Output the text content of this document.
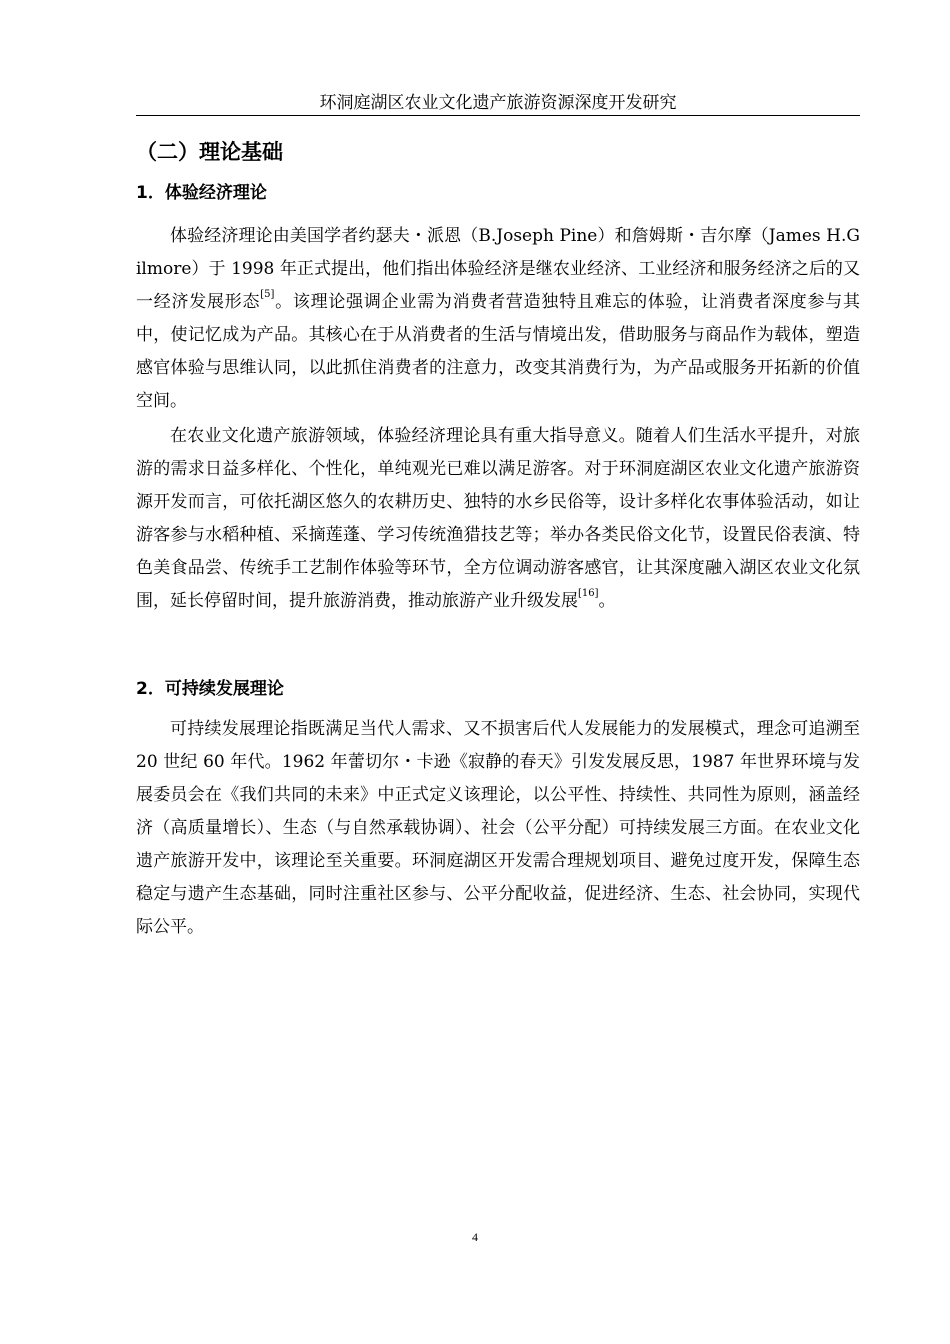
环洞庭湖区农业文化遗产旅游资源深度开发研究
（二）理论基础
1．体验经济理论
体验经济理论由美国学者约瑟夫・派恩（B.Joseph Pine）和詹姆斯・吉尔摩（James H.Gilmore）于 1998 年正式提出，他们指出体验经济是继农业经济、工业经济和服务经济之后的又一经济发展形态[5]。该理论强调企业需为消费者营造独特且难忘的体验，让消费者深度参与其中，使记忆成为产品。其核心在于从消费者的生活与情境出发，借助服务与商品作为载体，塑造感官体验与思维认同，以此抓住消费者的注意力，改变其消费行为，为产品或服务开拓新的价值空间。
在农业文化遗产旅游领域，体验经济理论具有重大指导意义。随着人们生活水平提升，对旅游的需求日益多样化、个性化，单纯观光已难以满足游客。对于环洞庭湖区农业文化遗产旅游资源开发而言，可依托湖区悠久的农耕历史、独特的水乡民俗等，设计多样化农事体验活动，如让游客参与水稻种植、采摘莲蓬、学习传统渔猎技艺等；举办各类民俗文化节，设置民俗表演、特色美食品尝、传统手工艺制作体验等环节，全方位调动游客感官，让其深度融入湖区农业文化氛围，延长停留时间，提升旅游消费，推动旅游产业升级发展[16]。
2．可持续发展理论
可持续发展理论指既满足当代人需求、又不损害后代人发展能力的发展模式，理念可追溯至 20 世纪 60 年代。1962 年蕾切尔・卡逊《寂静的春天》引发发展反思，1987 年世界环境与发展委员会在《我们共同的未来》中正式定义该理论，以公平性、持续性、共同性为原则，涵盖经济（高质量增长）、生态（与自然承载协调）、社会（公平分配）可持续发展三方面。在农业文化遗产旅游开发中，该理论至关重要。环洞庭湖区开发需合理规划项目、避免过度开发，保障生态稳定与遗产生态基础，同时注重社区参与、公平分配收益，促进经济、生态、社会协同，实现代际公平。
4
